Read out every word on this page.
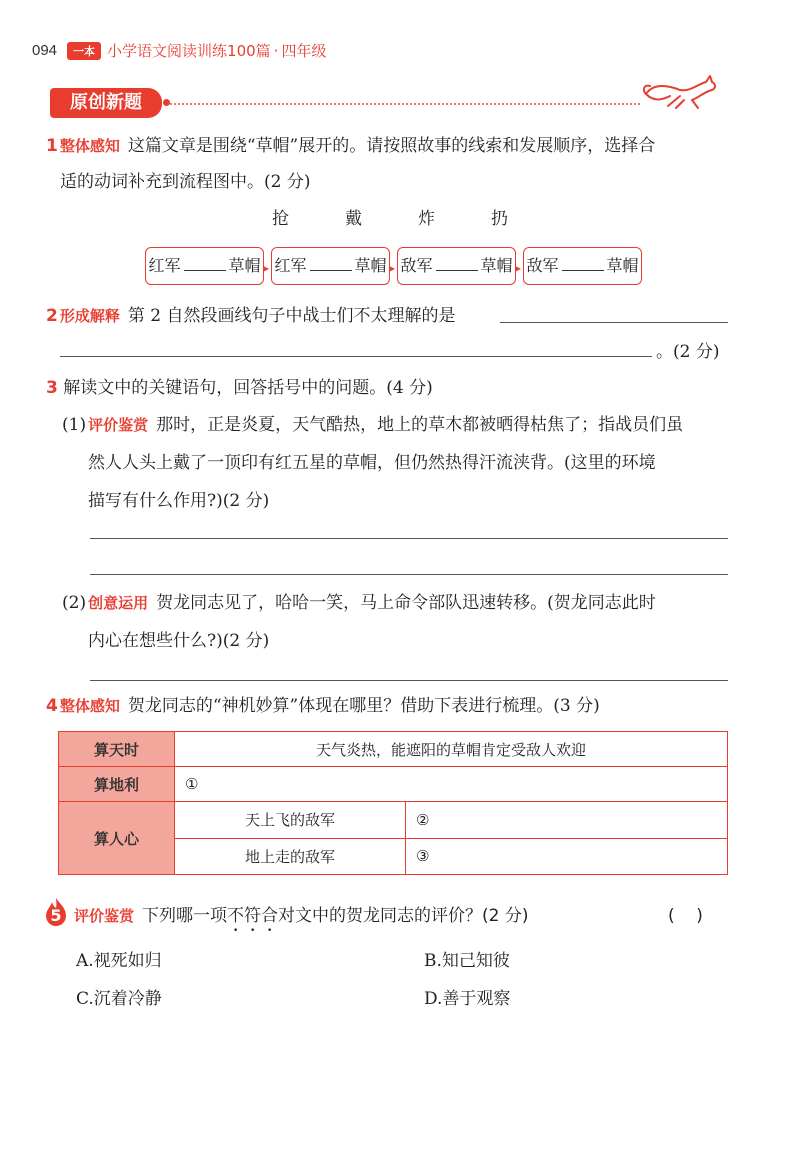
094	一本 小学语文阅读训练100篇 · 四年级
原创新题
1 整体感知 这篇文章是围绕“草帽”展开的。请按照故事的线索和发展顺序，选择合
适的动词补充到流程图中。(2 分)
抢	戴	炸	扔
红军	草帽 ▸ 红军	草帽 ▸ 敌军	草帽 ▸ 敌军	草帽
2 形成解释 第 2 自然段画线句子中战士们不太理解的是
。(2 分)
3 解读文中的关键语句，回答括号中的问题。(4 分)
(1) 评价鉴赏 那时，正是炎夏，天气酷热，地上的草木都被晒得枯焦了；指战员们虽
然人人头上戴了一顶印有红五星的草帽，但仍然热得汗流浃背。(这里的环境
描写有什么作用?)(2 分)
(2) 创意运用 贺龙同志见了，哈哈一笑，马上命令部队迅速转移。(贺龙同志此时
内心在想些什么?)(2 分)
4 整体感知 贺龙同志的“神机妙算”体现在哪里？借助下表进行梳理。(3 分)
算天时	天气炎热，能遮阳的草帽肯定受敌人欢迎	
算地利	①	
算人心	天上飞的敌军	②
	地上走的敌军	③
5 评价鉴赏 下列哪一项不符合对文中的贺龙同志的评价？(2 分)	(    )
A.视死如归	B.知己知彼
C.沉着冷静	D.善于观察
